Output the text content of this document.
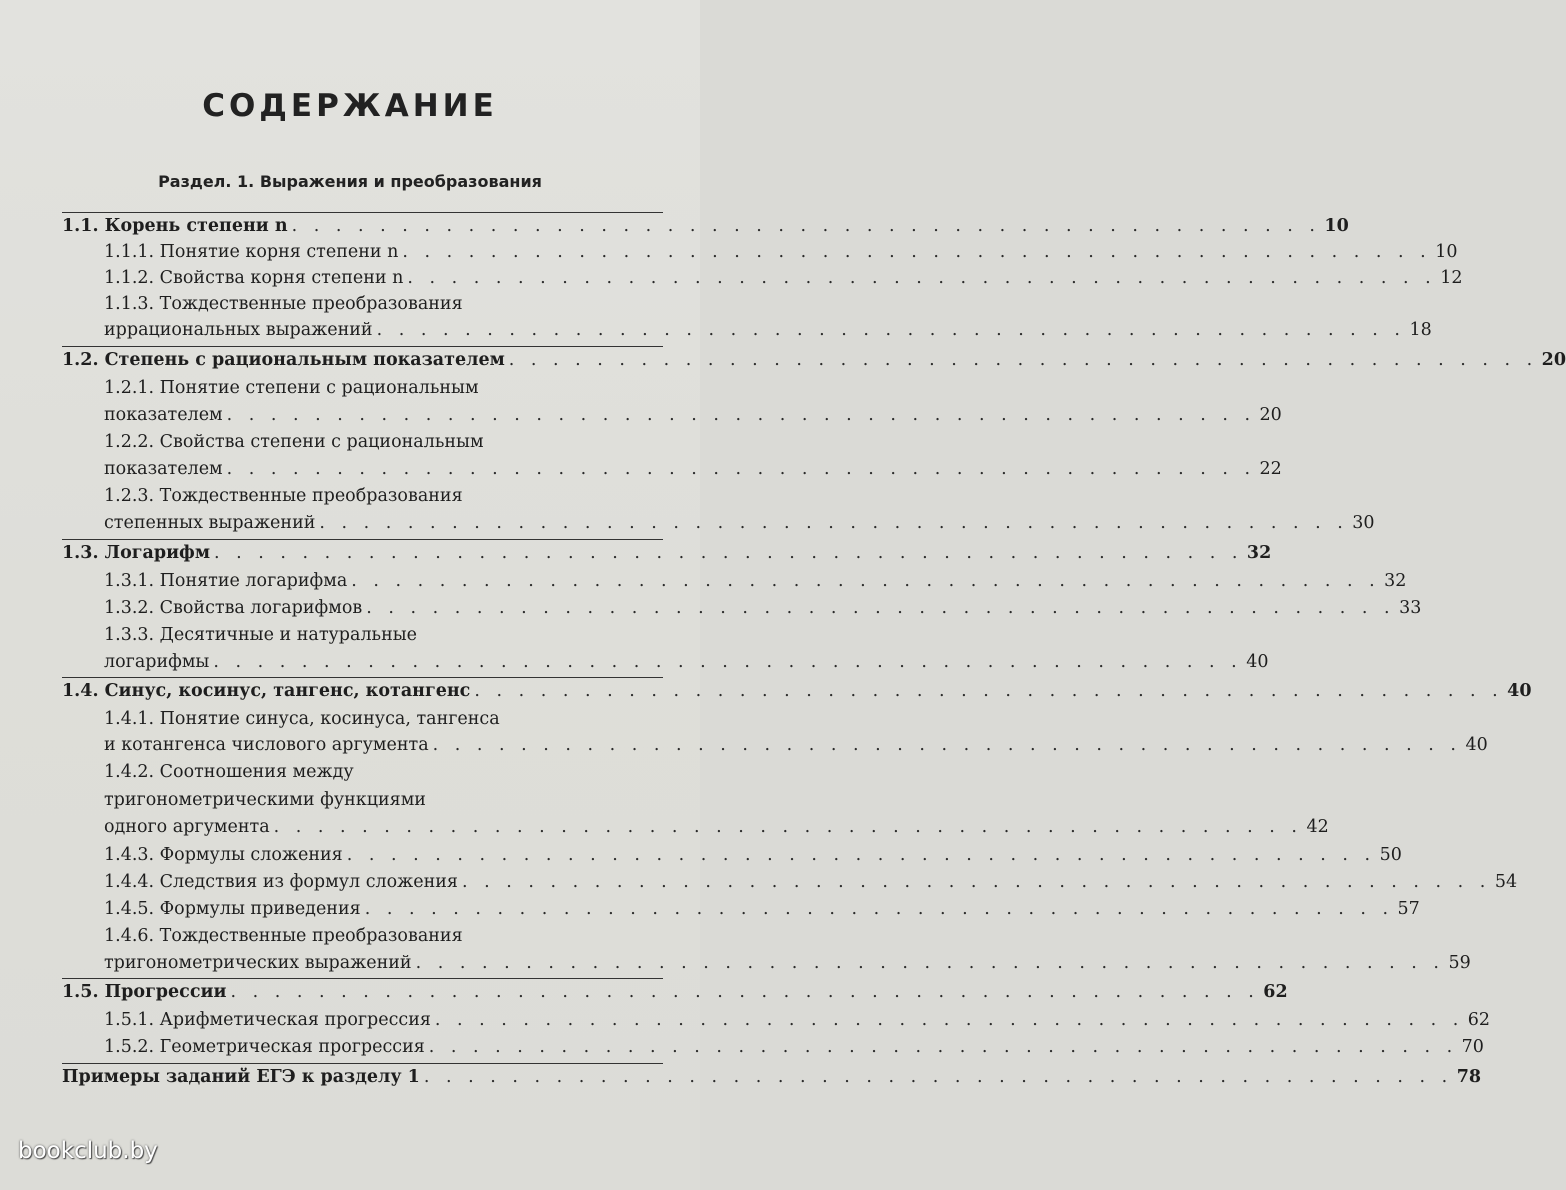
СОДЕРЖАНИЕ
Раздел. 1. Выражения и преобразования
1.1. Корень степени n . . . . . . . . . . . . . . . . . . . . . . . . . . . . . . . . . . . . . . . . . . . . . . . 10
1.1.1. Понятие корня степени n . . . . . . . . . . . . . . . . . . . . . . . . . . . . . . . . . . . . . . . . . . . . . . . 10
1.1.2. Свойства корня степени n . . . . . . . . . . . . . . . . . . . . . . . . . . . . . . . . . . . . . . . . . . . . . . . 12
1.1.3. Тождественные преобразования
иррациональных выражений . . . . . . . . . . . . . . . . . . . . . . . . . . . . . . . . . . . . . . . . . . . . . . . 18
1.2. Степень с рациональным показателем . . . . . . . . . . . . . . . . . . . . . . . . . . . . . . . . . . . . . . . . . . . . . . . 20
1.2.1. Понятие степени с рациональным
показателем . . . . . . . . . . . . . . . . . . . . . . . . . . . . . . . . . . . . . . . . . . . . . . . 20
1.2.2. Свойства степени с рациональным
показателем . . . . . . . . . . . . . . . . . . . . . . . . . . . . . . . . . . . . . . . . . . . . . . . 22
1.2.3. Тождественные преобразования
степенных выражений . . . . . . . . . . . . . . . . . . . . . . . . . . . . . . . . . . . . . . . . . . . . . . . 30
1.3. Логарифм . . . . . . . . . . . . . . . . . . . . . . . . . . . . . . . . . . . . . . . . . . . . . . . 32
1.3.1. Понятие логарифма . . . . . . . . . . . . . . . . . . . . . . . . . . . . . . . . . . . . . . . . . . . . . . . 32
1.3.2. Свойства логарифмов . . . . . . . . . . . . . . . . . . . . . . . . . . . . . . . . . . . . . . . . . . . . . . . 33
1.3.3. Десятичные и натуральные
логарифмы . . . . . . . . . . . . . . . . . . . . . . . . . . . . . . . . . . . . . . . . . . . . . . . 40
1.4. Синус, косинус, тангенс, котангенс . . . . . . . . . . . . . . . . . . . . . . . . . . . . . . . . . . . . . . . . . . . . . . . 40
1.4.1. Понятие синуса, косинуса, тангенса
и котангенса числового аргумента . . . . . . . . . . . . . . . . . . . . . . . . . . . . . . . . . . . . . . . . . . . . . . . 40
1.4.2. Соотношения между
тригонометрическими функциями
одного аргумента . . . . . . . . . . . . . . . . . . . . . . . . . . . . . . . . . . . . . . . . . . . . . . . 42
1.4.3. Формулы сложения . . . . . . . . . . . . . . . . . . . . . . . . . . . . . . . . . . . . . . . . . . . . . . . 50
1.4.4. Следствия из формул сложения . . . . . . . . . . . . . . . . . . . . . . . . . . . . . . . . . . . . . . . . . . . . . . . 54
1.4.5. Формулы приведения . . . . . . . . . . . . . . . . . . . . . . . . . . . . . . . . . . . . . . . . . . . . . . . 57
1.4.6. Тождественные преобразования
тригонометрических выражений . . . . . . . . . . . . . . . . . . . . . . . . . . . . . . . . . . . . . . . . . . . . . . . 59
1.5. Прогрессии . . . . . . . . . . . . . . . . . . . . . . . . . . . . . . . . . . . . . . . . . . . . . . . 62
1.5.1. Арифметическая прогрессия . . . . . . . . . . . . . . . . . . . . . . . . . . . . . . . . . . . . . . . . . . . . . . . 62
1.5.2. Геометрическая прогрессия . . . . . . . . . . . . . . . . . . . . . . . . . . . . . . . . . . . . . . . . . . . . . . . 70
Примеры заданий ЕГЭ к разделу 1 . . . . . . . . . . . . . . . . . . . . . . . . . . . . . . . . . . . . . . . . . . . . . . . 78
bookclub.by
